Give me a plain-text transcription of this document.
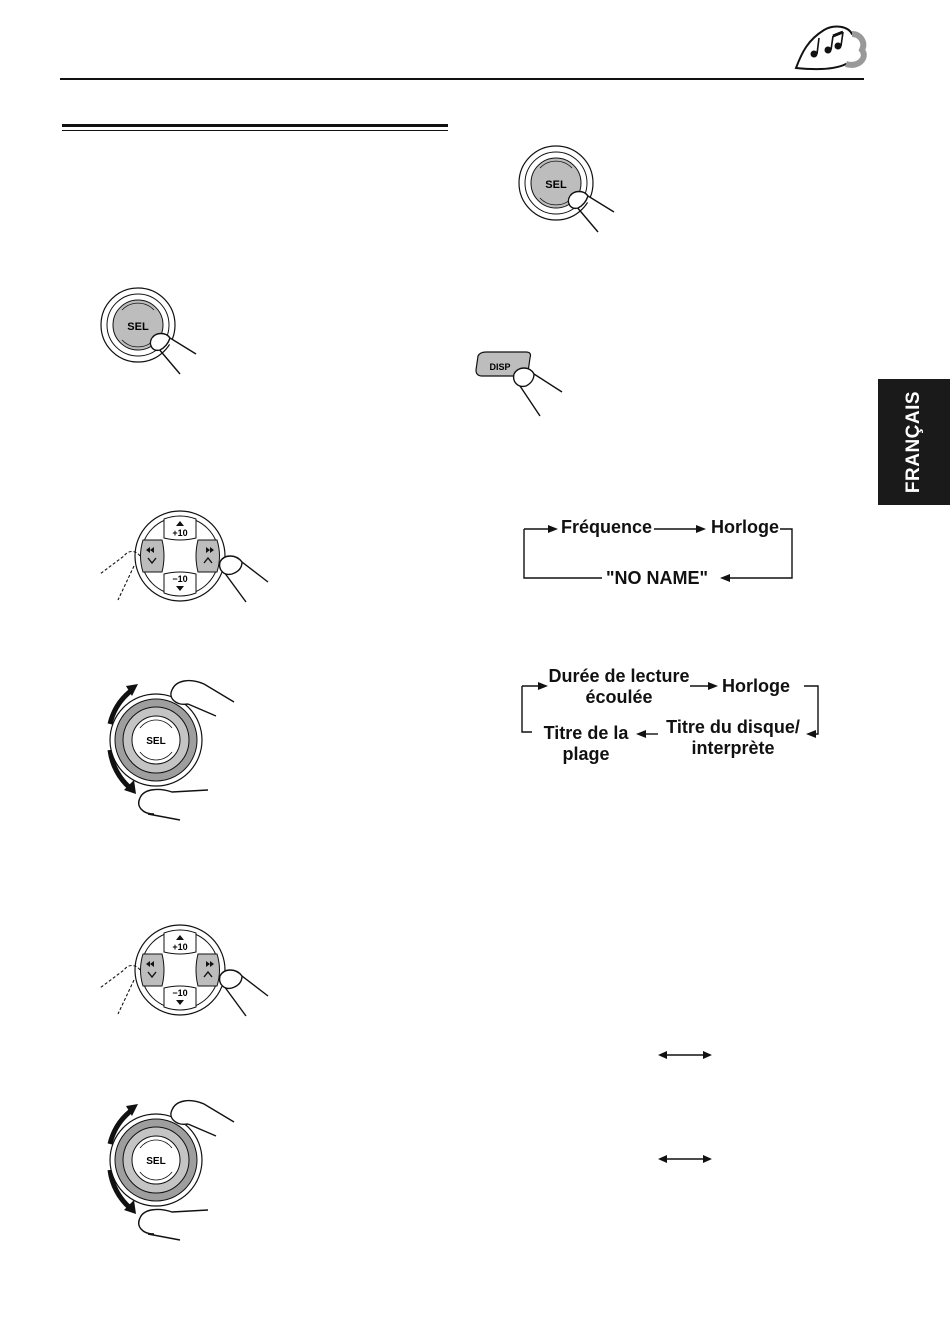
FRANÇAIS
SEL
SEL
DISP
+10
−10
SEL
+10
−10
SEL
Fréquence	Horloge
"NO NAME"
Durée de lecture
écoulée
Horloge
Titre du disque/
interprète
Titre de la
plage
